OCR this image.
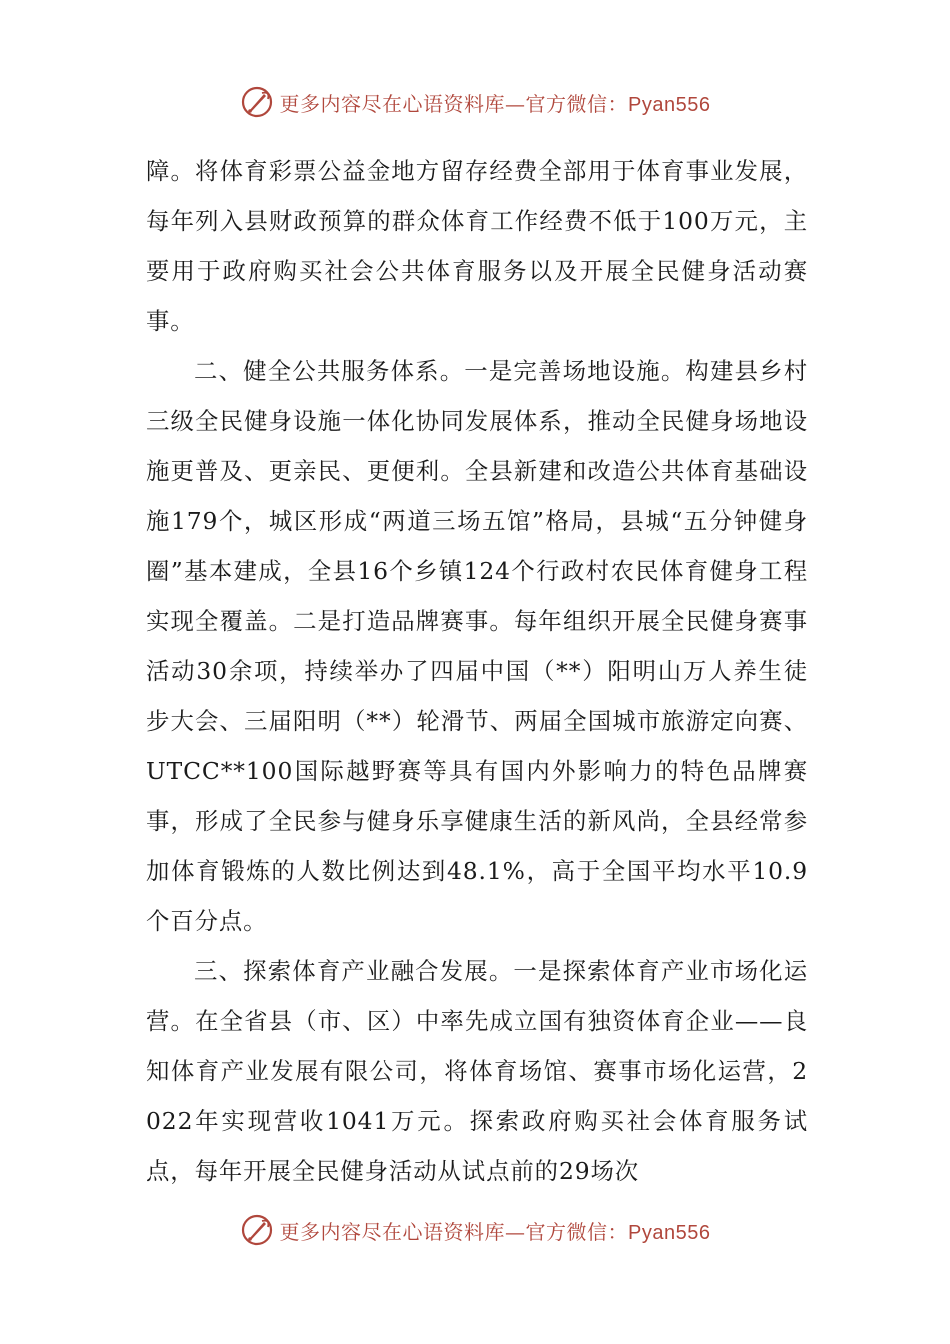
更多内容尽在心语资料库—官方微信：Pyan556

障。将体育彩票公益金地方留存经费全部用于体育事业发展，每年列入县财政预算的群众体育工作经费不低于100万元，主要用于政府购买社会公共体育服务以及开展全民健身活动赛事。

二、健全公共服务体系。一是完善场地设施。构建县乡村三级全民健身设施一体化协同发展体系，推动全民健身场地设施更普及、更亲民、更便利。全县新建和改造公共体育基础设施179个，城区形成“两道三场五馆”格局，县城“五分钟健身圈”基本建成，全县16个乡镇124个行政村农民体育健身工程实现全覆盖。二是打造品牌赛事。每年组织开展全民健身赛事活动30余项，持续举办了四届中国（**）阳明山万人养生徒步大会、三届阳明（**）轮滑节、两届全国城市旅游定向赛、UTCC**100国际越野赛等具有国内外影响力的特色品牌赛事，形成了全民参与健身乐享健康生活的新风尚，全县经常参加体育锻炼的人数比例达到48.1%，高于全国平均水平10.9个百分点。

三、探索体育产业融合发展。一是探索体育产业市场化运营。在全省县（市、区）中率先成立国有独资体育企业——良知体育产业发展有限公司，将体育场馆、赛事市场化运营，2022年实现营收1041万元。探索政府购买社会体育服务试点，每年开展全民健身活动从试点前的29场次

更多内容尽在心语资料库—官方微信：Pyan556
